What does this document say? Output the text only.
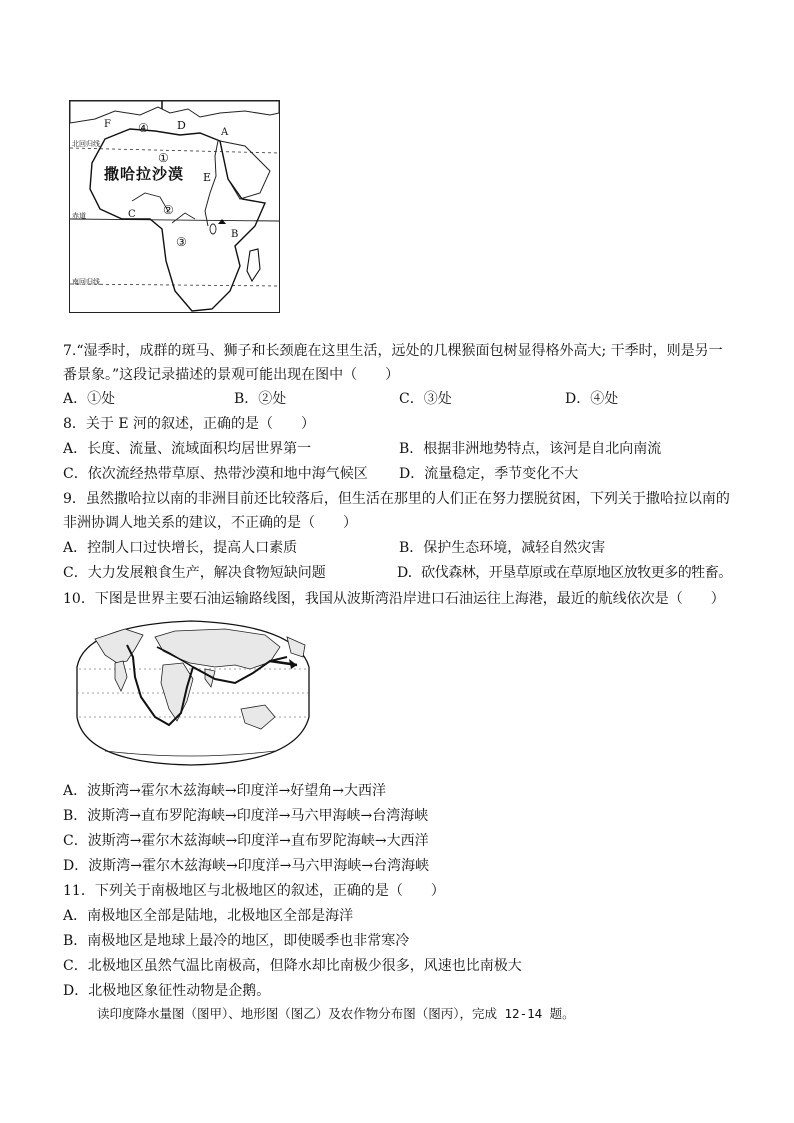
④	D
F
A
北回归线
①
撒哈拉沙漠 E
②
C
赤道
B
③
南回归线
7.“湿季时，成群的斑马、狮子和长颈鹿在这里生活，远处的几棵猴面包树显得格外高大; 干季时，则是另一
番景象。”这段记录描述的景观可能出现在图中（　　）
A．①处	B．②处	C．③处	D．④处
8．关于 E 河的叙述，正确的是（　　）
A．长度、流量、流域面积均居世界第一	B．根据非洲地势特点，该河是自北向南流
C．依次流经热带草原、热带沙漠和地中海气候区 D．流量稳定，季节变化不大
9．虽然撒哈拉以南的非洲目前还比较落后，但生活在那里的人们正在努力摆脱贫困，下列关于撒哈拉以南的
非洲协调人地关系的建议，不正确的是（　　）
A．控制人口过快增长，提高人口素质	B．保护生态环境，减轻自然灾害
C．大力发展粮食生产，解决食物短缺问题	D．砍伐森林，开垦草原或在草原地区放牧更多的牲畜。
10．下图是世界主要石油运输路线图，我国从波斯湾沿岸进口石油运往上海港，最近的航线依次是（　　）
A．波斯湾→霍尔木兹海峡→印度洋→好望角→大西洋
B．波斯湾→直布罗陀海峡→印度洋→马六甲海峡→台湾海峡
C．波斯湾→霍尔木兹海峡→印度洋→直布罗陀海峡→大西洋
D．波斯湾→霍尔木兹海峡→印度洋→马六甲海峡→台湾海峡
11．下列关于南极地区与北极地区的叙述，正确的是（　　）
A．南极地区全部是陆地，北极地区全部是海洋
B．南极地区是地球上最冷的地区，即使暖季也非常寒冷
C．北极地区虽然气温比南极高，但降水却比南极少很多，风速也比南极大
D．北极地区象征性动物是企鹅。
读印度降水量图（图甲）、地形图（图乙）及农作物分布图（图丙），完成 12-14 题。
